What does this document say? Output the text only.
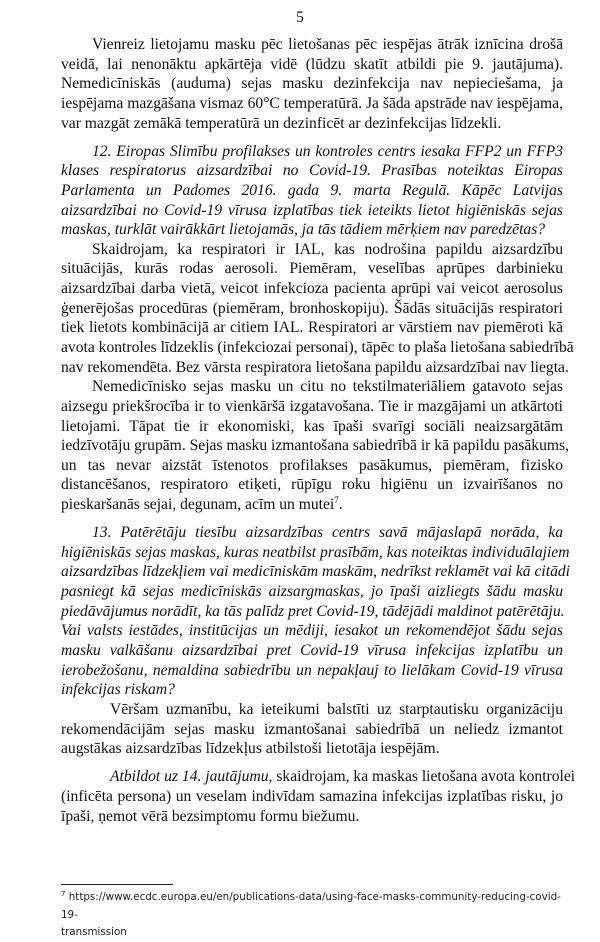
5
Vienreiz lietojamu masku pēc lietošanas pēc iespējas ātrāk iznīcina drošā
veidā, lai nenonāktu apkārtēja vidē (lūdzu skatīt atbildi pie 9. jautājuma).
Nemedicīniskās (auduma) sejas masku dezinfekcija nav nepieciešama, ja
iespējama mazgāšana vismaz 60°C temperatūrā. Ja šāda apstrāde nav iespējama,
var mazgāt zemākā temperatūrā un dezinficēt ar dezinfekcijas līdzekli.
12. Eiropas Slimību profilakses un kontroles centrs iesaka FFP2 un FFP3
klases respiratorus aizsardzībai no Covid-19. Prasības noteiktas Eiropas
Parlamenta un Padomes 2016. gada 9. marta Regulā. Kāpēc Latvijas
aizsardzībai no Covid-19 vīrusa izplatības tiek ieteikts lietot higiēniskās sejas
maskas, turklāt vairākkārt lietojamās, ja tās tādiem mērķiem nav paredzētas?
Skaidrojam, ka respiratori ir IAL, kas nodrošina papildu aizsardzību
situācijās, kurās rodas aerosoli. Piemēram, veselības aprūpes darbinieku
aizsardzībai darba vietā, veicot infekcioza pacienta aprūpi vai veicot aerosolus
ģenerējošas procedūras (piemēram, bronhoskopiju). Šādās situācijās respiratori
tiek lietots kombinācijā ar citiem IAL. Respiratori ar vārstiem nav piemēroti kā
avota kontroles līdzeklis (infekciozai personai), tāpēc to plaša lietošana sabiedrībā
nav rekomendēta. Bez vārsta respiratora lietošana papildu aizsardzībai nav liegta.
Nemedicīnisko sejas masku un citu no tekstilmateriāliem gatavoto sejas
aizsegu priekšrocība ir to vienkāršā izgatavošana. Tie ir mazgājami un atkārtoti
lietojami. Tāpat tie ir ekonomiski, kas īpaši svarīgi sociāli neaizsargātām
iedzīvotāju grupām. Sejas masku izmantošana sabiedrībā ir kā papildu pasākums,
un tas nevar aizstāt īstenotos profilakses pasākumus, piemēram, fizisko
distancēšanos, respiratoro etiķeti, rūpīgu roku higiēnu un izvairīšanos no
pieskaršanās sejai, degunam, acīm un mutei$^7$.
13. Patērētāju tiesību aizsardzības centrs savā mājaslapā norāda, ka
higiēniskās sejas maskas, kuras neatbilst prasībām, kas noteiktas individuālajiem
aizsardzības līdzekļiem vai medicīniskām maskām, nedrīkst reklamēt vai kā citādi
pasniegt kā sejas medicīniskās aizsargmaskas, jo īpaši aizliegts šādu masku
piedāvājumus norādīt, ka tās palīdz pret Covid-19, tādējādi maldinot patērētāju.
Vai valsts iestādes, institūcijas un mēdiji, iesakot un rekomendējot šādu sejas
masku valkāšanu aizsardzībai pret Covid-19 vīrusa infekcijas izplatību un
ierobežošanu, nemaldina sabiedrību un nepakļauj to lielākam Covid-19 vīrusa
infekcijas riskam?
Vēršam uzmanību, ka ieteikumi balstīti uz starptautisku organizāciju
rekomendācijām sejas masku izmantošanai sabiedrībā un neliedz izmantot
augstākas aizsardzības līdzekļus atbilstoši lietotāja iespējām.
Atbildot uz 14. jautājumu, skaidrojam, ka maskas lietošana avota kontrolei
(inficēta persona) un veselam indivīdam samazina infekcijas izplatības risku, jo
īpaši, ņemot vērā bezsimptomu formu biežumu.
$^7$ https://www.ecdc.europa.eu/en/publications-data/using-face-masks-community-reducing-covid-19-
transmission
